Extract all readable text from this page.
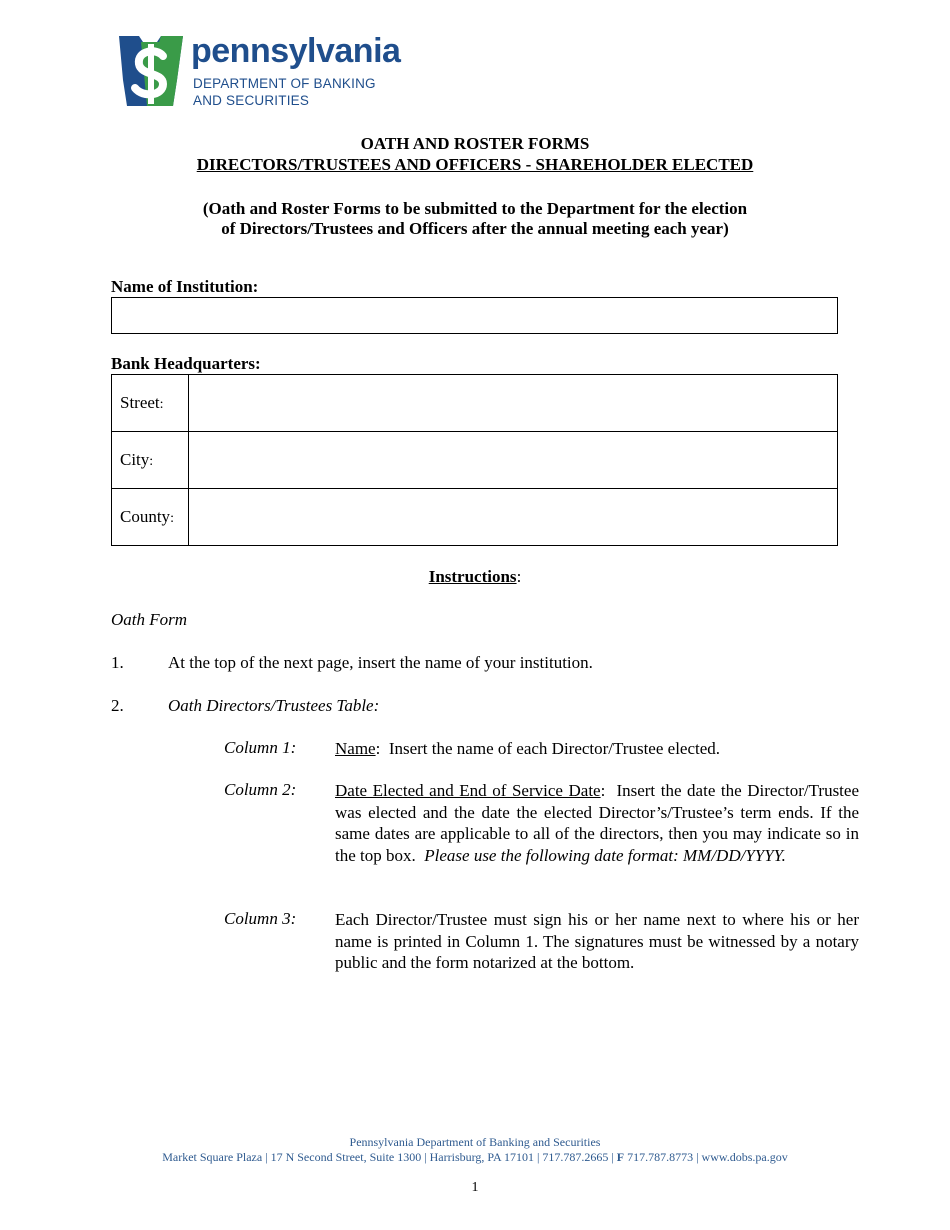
pennsylvania
DEPARTMENT OF BANKING
AND SECURITIES
OATH AND ROSTER FORMS
DIRECTORS/TRUSTEES AND OFFICERS - SHAREHOLDER ELECTED
(Oath and Roster Forms to be submitted to the Department for the election
of Directors/Trustees and Officers after the annual meeting each year)
Name of Institution:
Bank Headquarters:
Street:	
City:	
County:	
Instructions:
Oath Form
1.	At the top of the next page, insert the name of your institution.
2.	Oath Directors/Trustees Table:
Column 1: Name:  Insert the name of each Director/Trustee elected.
Column 2: Date Elected and End of Service Date:  Insert the date the Director/Trustee was elected and the date the elected Director’s/Trustee’s term ends. If the same dates are applicable to all of the directors, then you may indicate so in the top box. Please use the following date format: MM/DD/YYYY.
Column 3: Each Director/Trustee must sign his or her name next to where his or her name is printed in Column 1. The signatures must be witnessed by a notary public and the form notarized at the bottom.
Pennsylvania Department of Banking and Securities
Market Square Plaza | 17 N Second Street, Suite 1300 | Harrisburg, PA 17101 | 717.787.2665 | F 717.787.8773 | www.dobs.pa.gov
1
